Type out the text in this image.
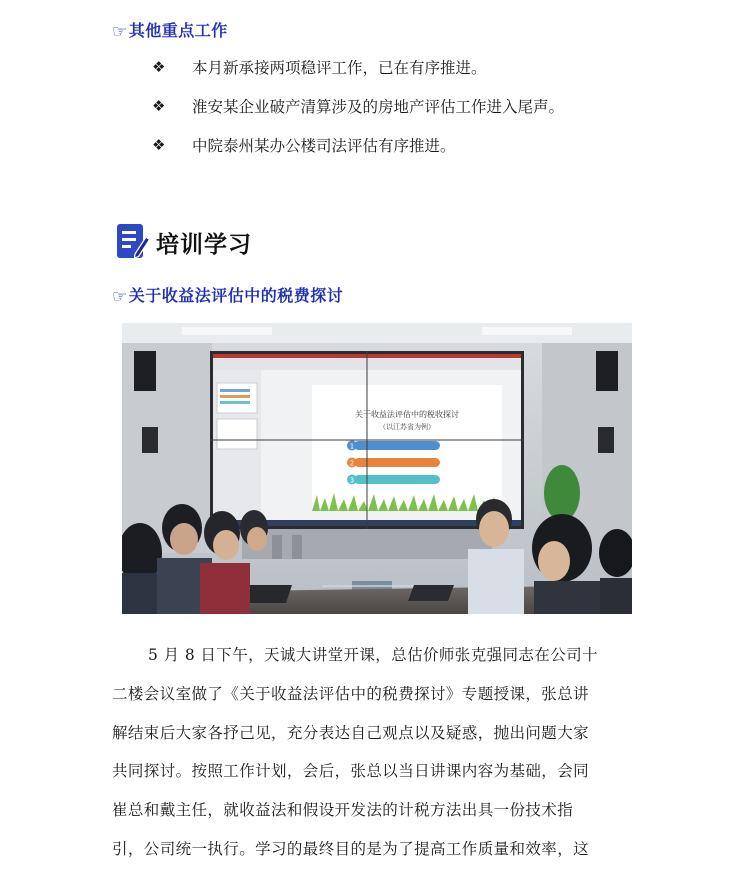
☞其他重点工作
❖	本月新承接两项稳评工作，已在有序推进。
❖	淮安某企业破产清算涉及的房地产评估工作进入尾声。
❖	中院泰州某办公楼司法评估有序推进。
培训学习
☞关于收益法评估中的税费探讨
关于收益法评估中的税收探讨
（以江苏省为例）
1
2
3
5 月 8 日下午，天诚大讲堂开课，总估价师张克强同志在公司十
二楼会议室做了《关于收益法评估中的税费探讨》专题授课，张总讲
解结束后大家各抒己见，充分表达自己观点以及疑惑，抛出问题大家
共同探讨。按照工作计划，会后，张总以当日讲课内容为基础，会同
崔总和戴主任，就收益法和假设开发法的计税方法出具一份技术指
引，公司统一执行。学习的最终目的是为了提高工作质量和效率，这
